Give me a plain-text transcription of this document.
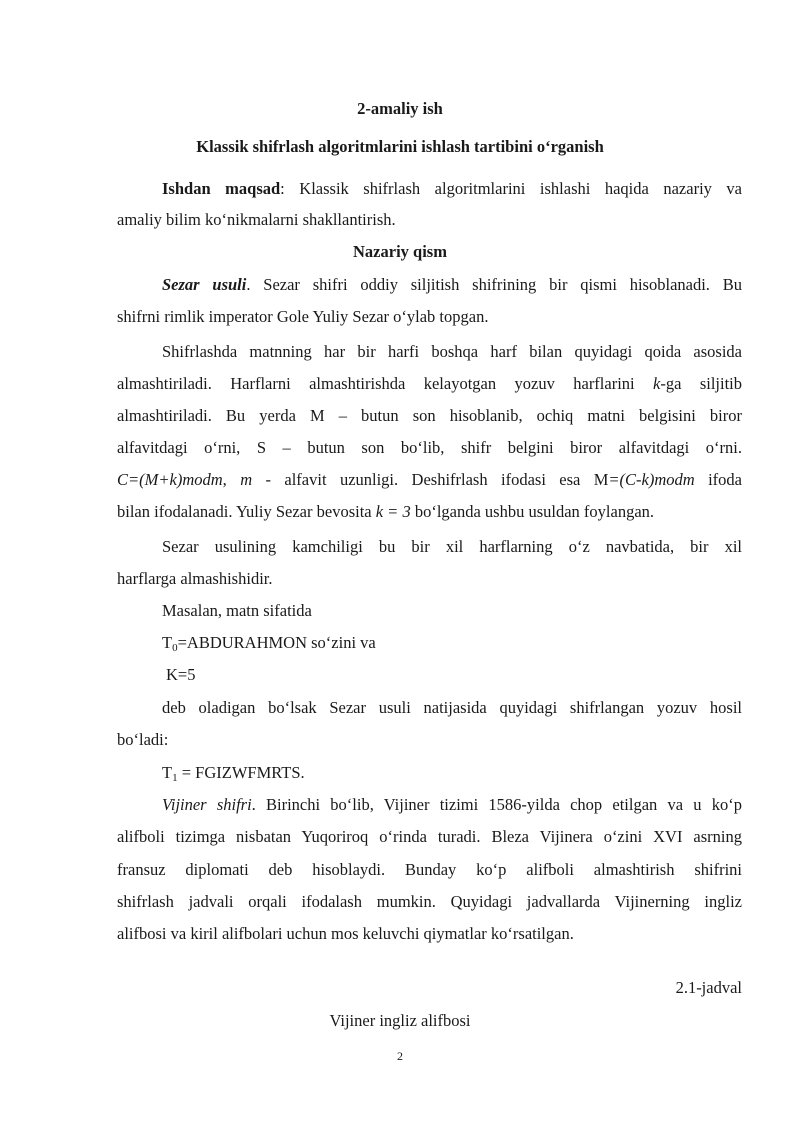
2-amaliy ish
Klassik shifrlash algoritmlarini ishlash tartibini o‘rganish
Ishdan maqsad: Klassik shifrlash algoritmlarini ishlashi haqida nazariy va
amaliy bilim ko‘nikmalarni shakllantirish.
Nazariy qism
Sezar usuli. Sezar shifri oddiy siljitish shifrining bir qismi hisoblanadi. Bu
shifrni rimlik imperator Gole Yuliy Sezar o‘ylab topgan.
Shifrlashda matnning har bir harfi boshqa harf bilan quyidagi qoida asosida
almashtiriladi. Harflarni almashtirishda kelayotgan yozuv harflarini k-ga siljitib
almashtiriladi. Bu yerda M – butun son hisoblanib, ochiq matni belgisini biror
alfavitdagi o‘rni, S – butun son bo‘lib, shifr belgini biror alfavitdagi o‘rni.
C=(M+k)modm, m - alfavit uzunligi. Deshifrlash ifodasi esa M=(C-k)modm ifoda
bilan ifodalanadi. Yuliy Sezar bevosita k = 3 bo‘lganda ushbu usuldan foylangan.
Sezar usulining kamchiligi bu bir xil harflarning o‘z navbatida, bir xil
harflarga almashishidir.
Masalan, matn sifatida
$T_0=ABDURAHMON$ so‘zini va
K=5
deb oladigan bo‘lsak Sezar usuli natijasida quyidagi shifrlangan yozuv hosil
bo‘ladi:
$T_1$ = FGIZWFMRTS.
Vijiner shifri. Birinchi bo‘lib, Vijiner tizimi 1586-yilda chop etilgan va u ko‘p
alifboli tizimga nisbatan Yuqoriroq o‘rinda turadi. Bleza Vijinera o‘zini XVI asrning
fransuz diplomati deb hisoblaydi. Bunday ko‘p alifboli almashtirish shifrini
shifrlash jadvali orqali ifodalash mumkin. Quyidagi jadvallarda Vijinerning ingliz
alifbosi va kiril alifbolari uchun mos keluvchi qiymatlar ko‘rsatilgan.
2.1-jadval
Vijiner ingliz alifbosi
2
